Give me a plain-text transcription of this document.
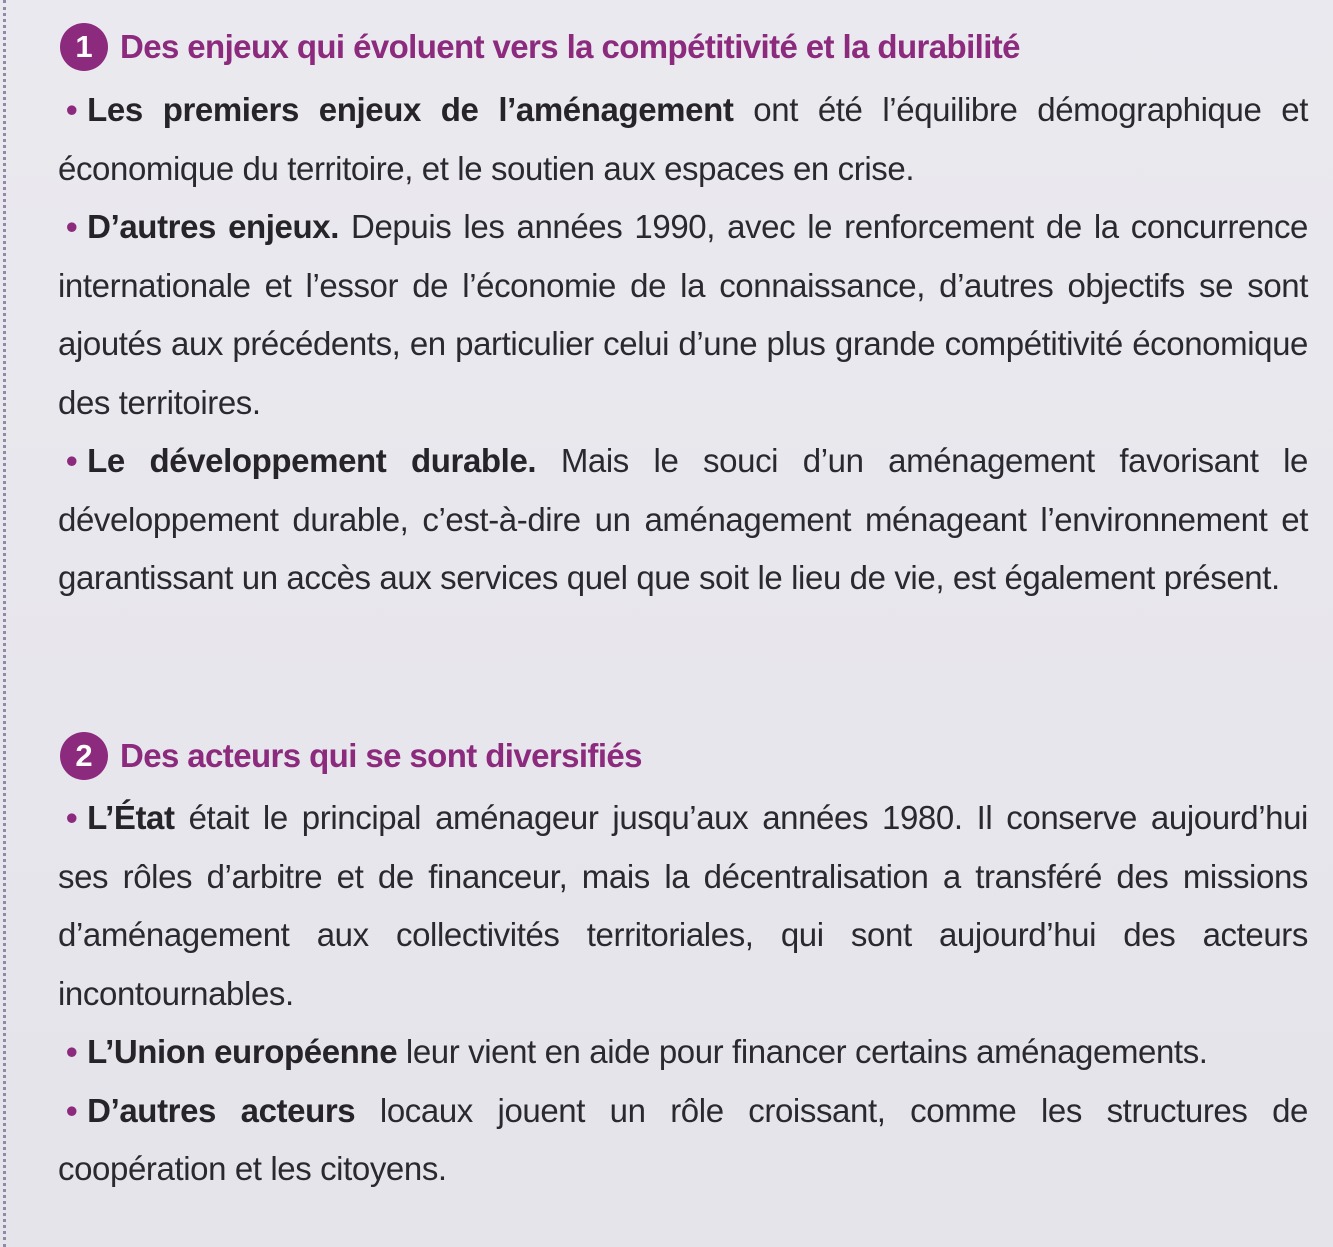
1 Des enjeux qui évoluent vers la compétitivité et la durabilité

• Les premiers enjeux de l’aménagement ont été l’équilibre démographique et économique du territoire, et le soutien aux espaces en crise.

• D’autres enjeux. Depuis les années 1990, avec le renforcement de la concurrence internationale et l’essor de l’économie de la connaissance, d’autres objectifs se sont ajoutés aux précédents, en particulier celui d’une plus grande compétitivité économique des territoires.

• Le développement durable. Mais le souci d’un aménagement favorisant le développement durable, c’est-à-dire un aménagement ménageant l’environnement et garantissant un accès aux services quel que soit le lieu de vie, est également présent.

2 Des acteurs qui se sont diversifiés

• L’État était le principal aménageur jusqu’aux années 1980. Il conserve aujourd’hui ses rôles d’arbitre et de financeur, mais la décentralisation a transféré des missions d’aménagement aux collectivités territoriales, qui sont aujourd’hui des acteurs incontournables.

• L’Union européenne leur vient en aide pour financer certains aménagements.

• D’autres acteurs locaux jouent un rôle croissant, comme les structures de coopération et les citoyens.
